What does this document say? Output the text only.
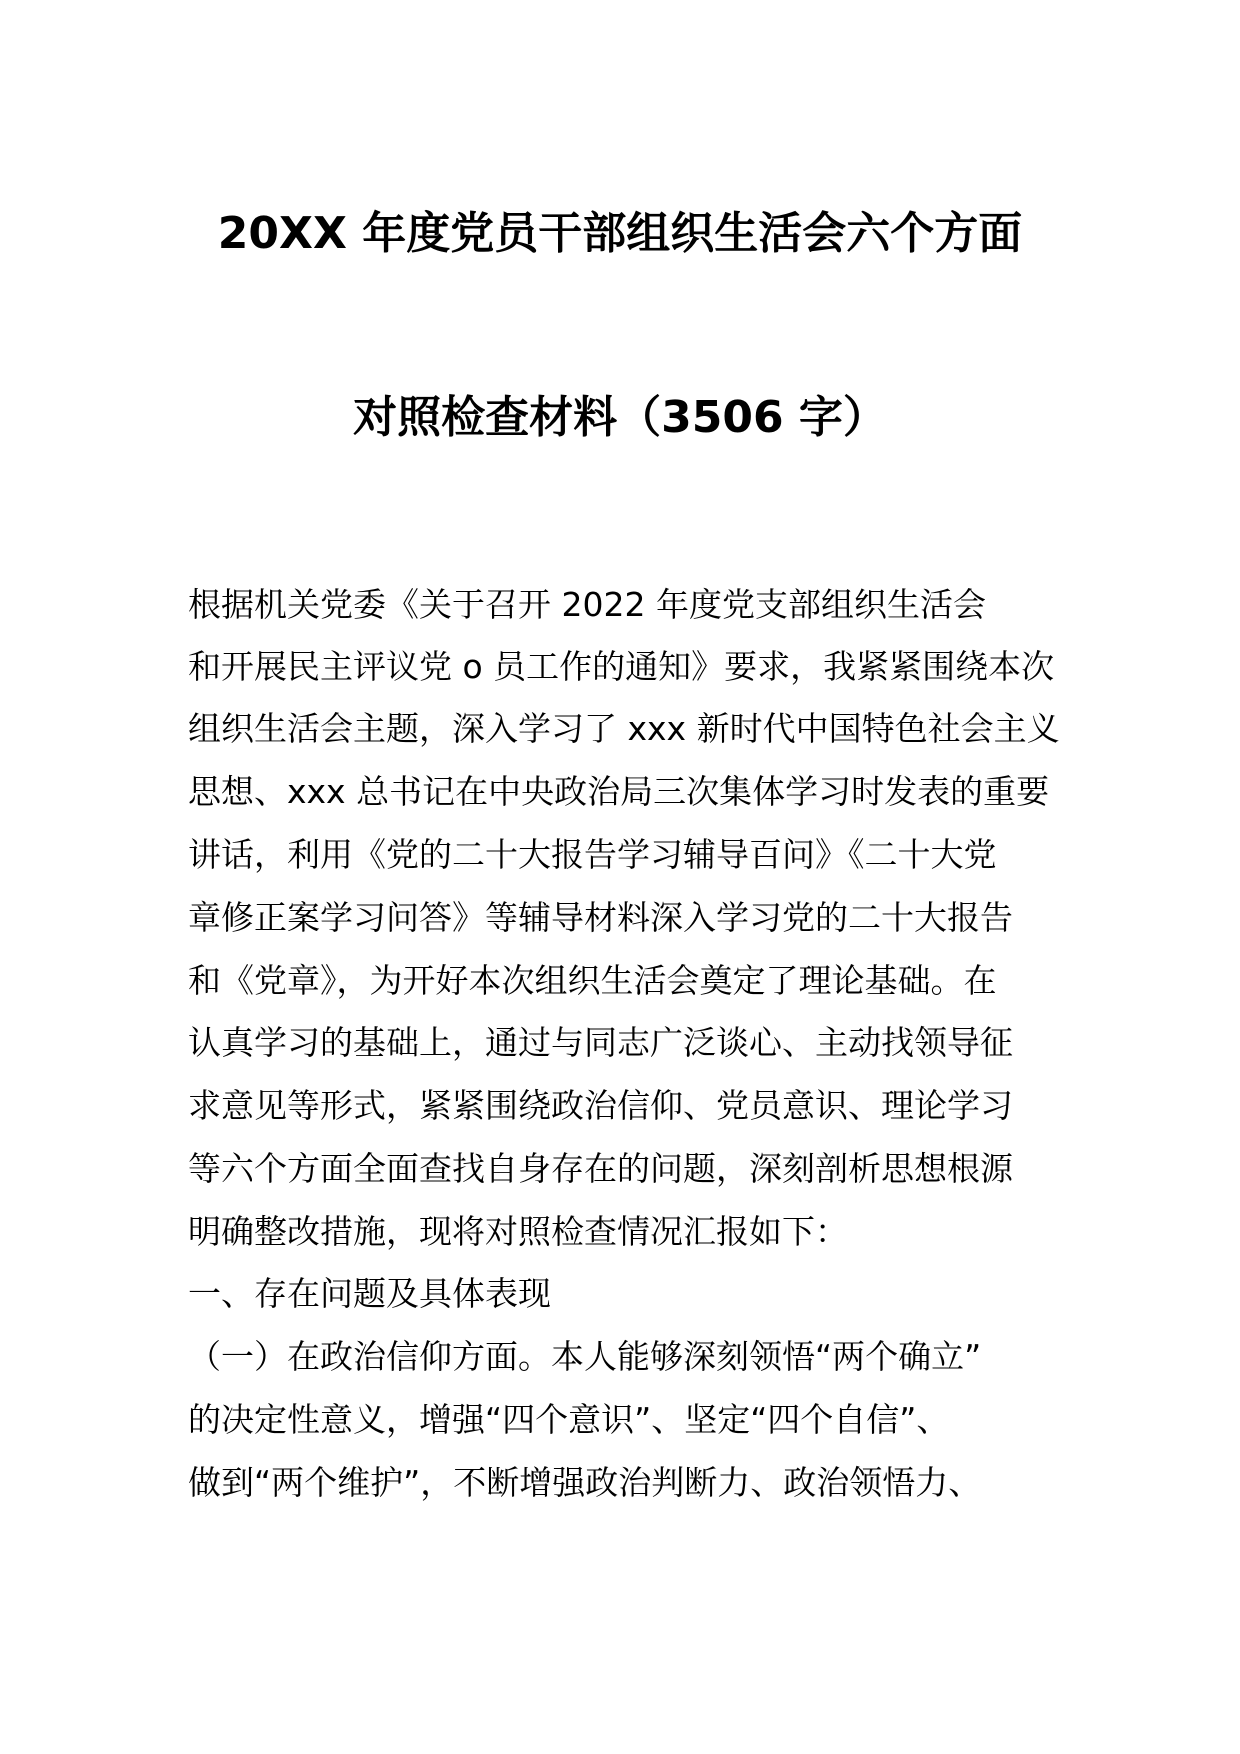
20XX 年度党员干部组织生活会六个方面
对照检查材料（3506 字）
根据机关党委《关于召开 2022 年度党支部组织生活会
和开展民主评议党 o 员工作的通知》要求，我紧紧围绕本次
组织生活会主题，深入学习了 xxx 新时代中国特色社会主义
思想、xxx 总书记在中央政治局三次集体学习时发表的重要
讲话，利用《党的二十大报告学习辅导百问》《二十大党
章修正案学习问答》等辅导材料深入学习党的二十大报告
和《党章》，为开好本次组织生活会奠定了理论基础。在
认真学习的基础上，通过与同志广泛谈心、主动找领导征
求意见等形式，紧紧围绕政治信仰、党员意识、理论学习
等六个方面全面查找自身存在的问题，深刻剖析思想根源
明确整改措施，现将对照检查情况汇报如下：
一、存在问题及具体表现
（一）在政治信仰方面。本人能够深刻领悟“两个确立”
的决定性意义，增强“四个意识”、坚定“四个自信”、
做到“两个维护”，不断增强政治判断力、政治领悟力、
